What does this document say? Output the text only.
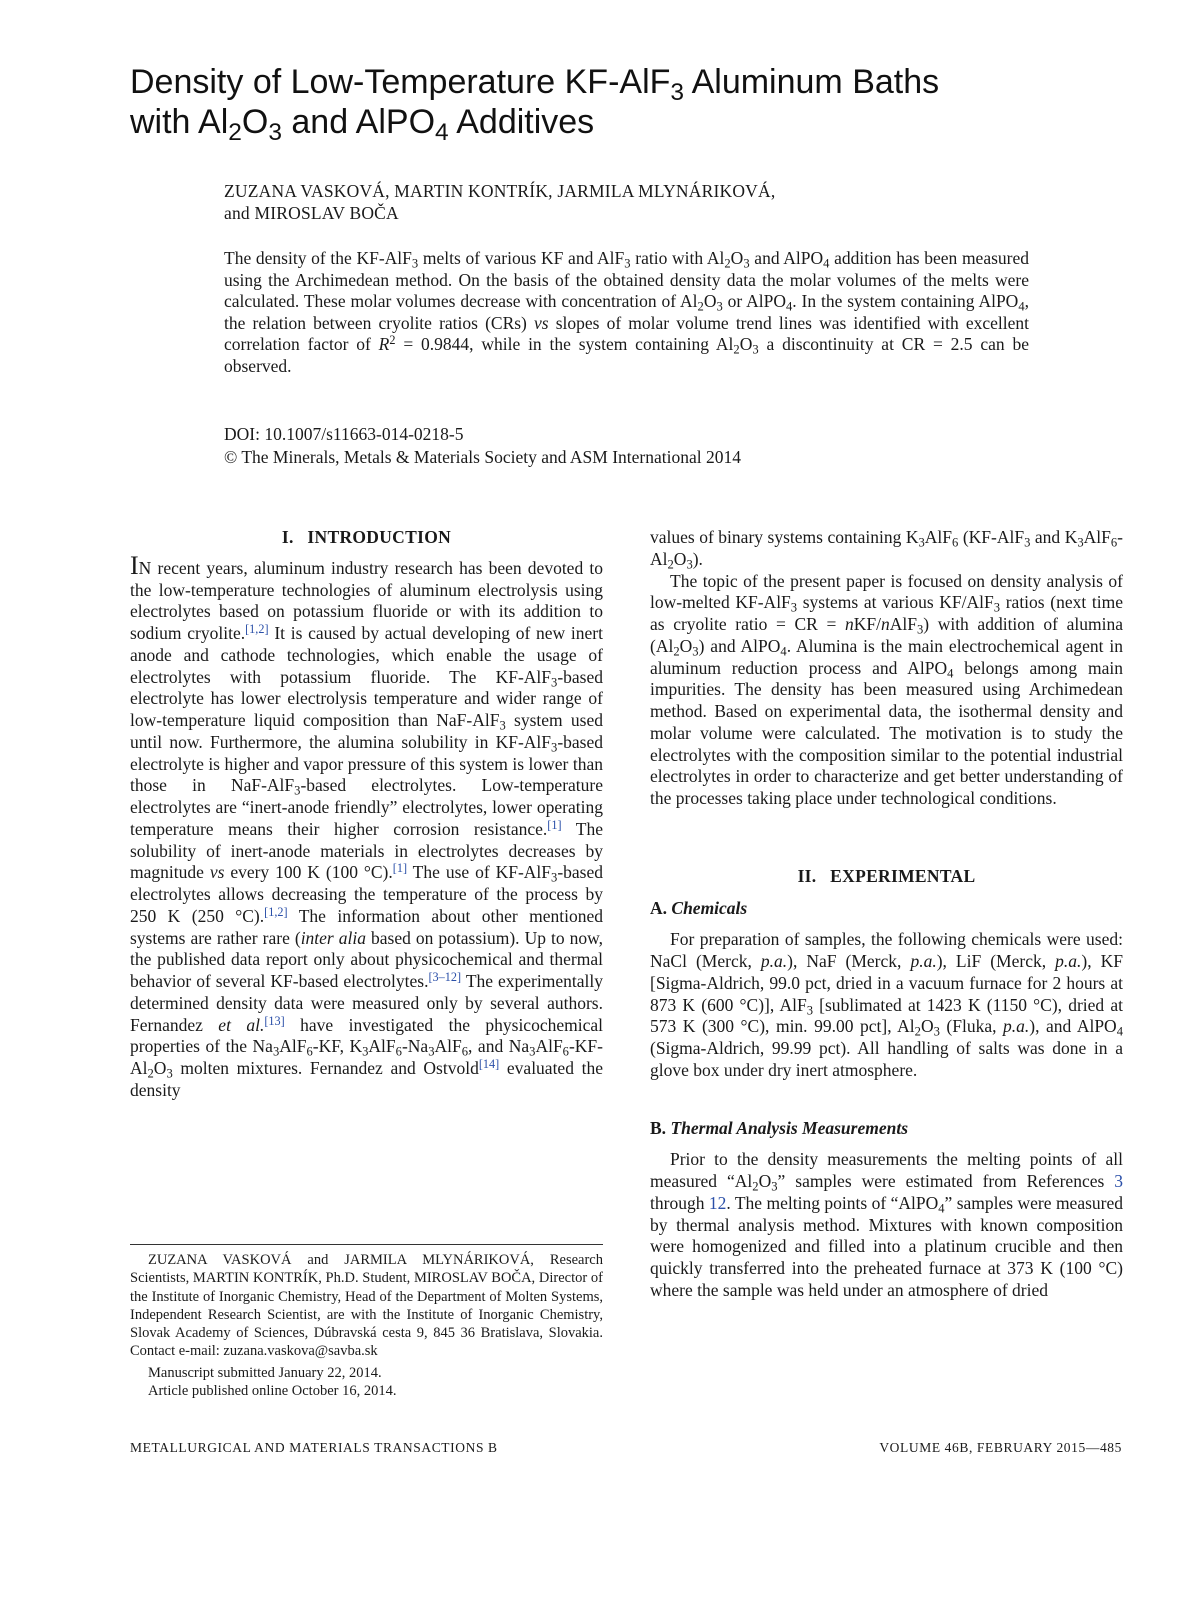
Density of Low-Temperature KF-AlF$_3$ Aluminum Baths
with $Al_2O_3$ and AlPO$_4$ Additives
ZUZANA VASKOVÁ, MARTIN KONTRÍK, JARMILA MLYNÁRIKOVÁ,
and MIROSLAV BOČA

The density of the KF-AlF$_3$ melts of various KF and AlF$_3$ ratio with $Al_2O_3$ and AlPO$_4$ addition has been measured using the Archimedean method. On the basis of the obtained density data the molar volumes of the melts were calculated. These molar volumes decrease with concentration of $Al_2O_3$ or AlPO$_4$. In the system containing AlPO$_4$, the relation between cryolite ratios (CRs) vs slopes of molar volume trend lines was identified with excellent correlation factor of $R^2 = 0.9844$, while in the system containing $Al_2O_3$ a discontinuity at CR = 2.5 can be observed.

DOI: 10.1007/s11663-014-0218-5
© The Minerals, Metals & Materials Society and ASM International 2014
I.  INTRODUCTION

IN recent years, aluminum industry research has been devoted to the low-temperature technologies of aluminum electrolysis using electrolytes based on potassium fluoride or with its addition to sodium cryolite.[1,2] It is caused by actual developing of new inert anode and cathode technologies, which enable the usage of electrolytes with potassium fluoride. The KF-AlF$_3$-based electrolyte has lower electrolysis temperature and wider range of low-temperature liquid composition than NaF-AlF$_3$ system used until now. Furthermore, the alumina solubility in KF-AlF$_3$-based electrolyte is higher and vapor pressure of this system is lower than those in NaF-AlF$_3$-based electrolytes. Low-temperature electrolytes are “inert-anode friendly” electrolytes, lower operating temperature means their higher corrosion resistance.[1] The solubility of inert-anode materials in electrolytes decreases by magnitude vs every 100 K (100 °C).[1] The use of KF-AlF$_3$-based electrolytes allows decreasing the temperature of the process by 250 K (250 °C).[1,2] The information about other mentioned systems are rather rare (inter alia based on potassium). Up to now, the published data report only about physicochemical and thermal behavior of several KF-based electrolytes.[3–12] The experimentally determined density data were measured only by several authors. Fernandez et al.[13] have investigated the physicochemical properties of the $Na_3AlF_6-KF$, $K_3AlF_6-Na_3AlF_6$, and $Na_3AlF_6-KF-Al_2O_3$ molten mixtures. Fernandez and Ostvold[14] evaluated the density

values of binary systems containing $K_3AlF_6$ (KF-AlF$_3$ and $K_3AlF_6-Al_2O_3$).

The topic of the present paper is focused on density analysis of low-melted KF-AlF$_3$ systems at various KF/AlF$_3$ ratios (next time as cryolite ratio = CR = nKF/nAlF$_3$) with addition of alumina $(Al_2O_3)$ and AlPO$_4$. Alumina is the main electrochemical agent in aluminum reduction process and AlPO$_4$ belongs among main impurities. The density has been measured using Archimedean method. Based on experimental data, the isothermal density and molar volume were calculated. The motivation is to study the electrolytes with the composition similar to the potential industrial electrolytes in order to characterize and get better understanding of the processes taking place under technological conditions.

II.  EXPERIMENTAL
A. Chemicals

For preparation of samples, the following chemicals were used: NaCl (Merck, p.a.), NaF (Merck, p.a.), LiF (Merck, p.a.), KF [Sigma-Aldrich, 99.0 pct, dried in a vacuum furnace for 2 hours at 873 K (600 °C)], AlF$_3$ [sublimated at 1423 K (1150 °C), dried at 573 K (300 °C), min. 99.00 pct], $Al_2O_3$ (Fluka, p.a.), and AlPO$_4$ (Sigma-Aldrich, 99.99 pct). All handling of salts was done in a glove box under dry inert atmosphere.

B. Thermal Analysis Measurements

Prior to the density measurements the melting points of all measured “$Al_2O_3$” samples were estimated from References 3 through 12. The melting points of “AlPO$_4$” samples were measured by thermal analysis method. Mixtures with known composition were homogenized and filled into a platinum crucible and then quickly transferred into the preheated furnace at 373 K (100 °C) where the sample was held under an atmosphere of dried

ZUZANA VASKOVÁ and JARMILA MLYNÁRIKOVÁ, Research Scientists, MARTIN KONTRÍK, Ph.D. Student, MIROSLAV BOČA, Director of the Institute of Inorganic Chemistry, Head of the Department of Molten Systems, Independent Research Scientist, are with the Institute of Inorganic Chemistry, Slovak Academy of Sciences, Dúbravská cesta 9, 845 36 Bratislava, Slovakia. Contact e-mail: zuzana.vaskova@savba.sk

Manuscript submitted January 22, 2014.

Article published online October 16, 2014.

METALLURGICAL AND MATERIALS TRANSACTIONS B	VOLUME 46B, FEBRUARY 2015—485
